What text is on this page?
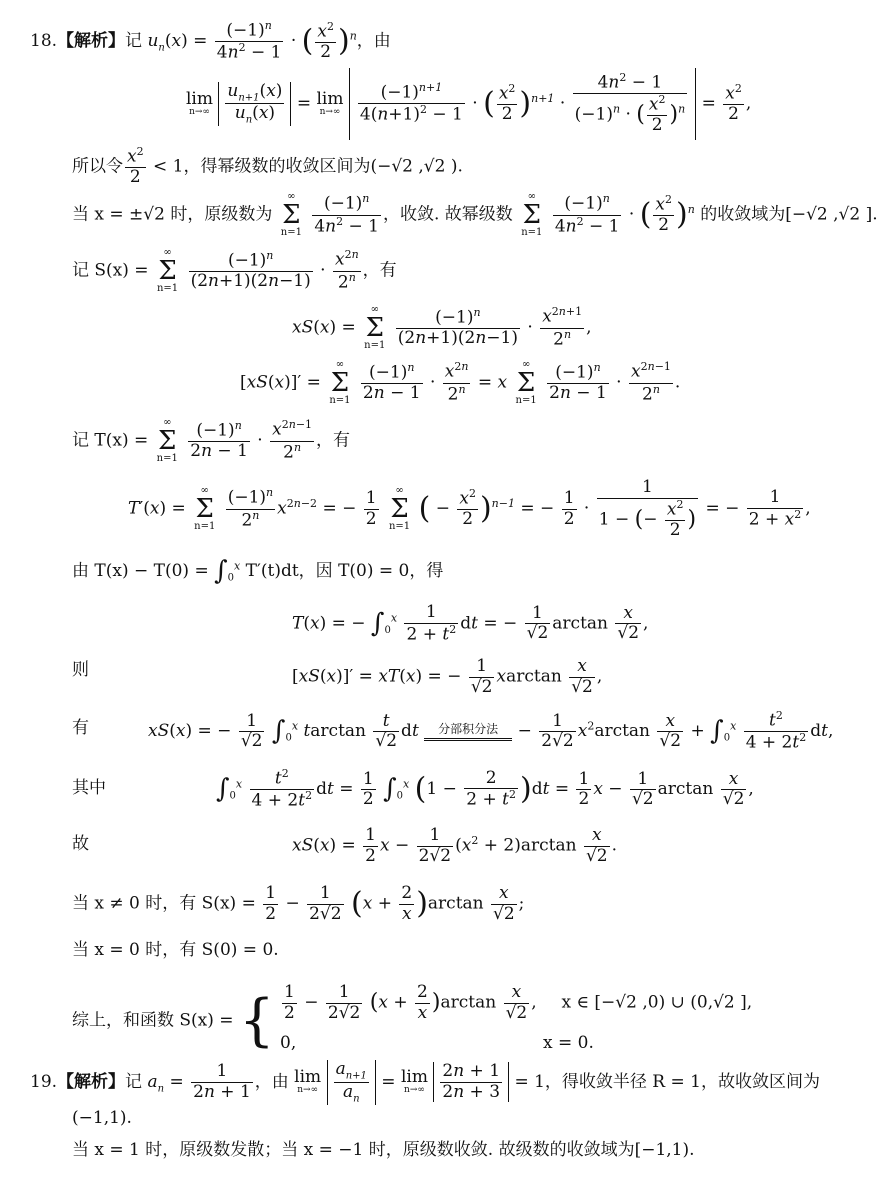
18.【解析】记 $u_n(x) = \frac{(-1)^n}{4n^2 - 1}$ · ( $\frac{x^2}{2} )^n$，由
lim
n→∞
$\frac{u_{n+1}(x)}{u_n(x)} = \lim$
n→∞
$\frac{(-1)^{n+1}}{4(n+1)^2 - 1}$ · ( $\frac{x^2}{2} )^{n+1} \cdot \frac{4n^2 - 1}{(-1)^n \cdot ( \frac{x^2}{2} )^n} = \frac{x^2}{2}$ ,
所以令 $\frac{x^2}{2} < 1$，得幂级数的收敛区间为(−√2 ,√2 ).
当 x = ±√2 时，原级数为
∞
Σ
n=1
$\frac{(-1)^n}{4n^2 - 1}$ ，收敛. 故幂级数
∞
Σ
n=1
$\frac{(-1)^n}{4n^2 - 1}$ · ( $\frac{x^2}{2} )^n$ 的收敛域为[−√2 ,√2 ].
记 S(x) =
∞
Σ
n=1
$\frac{(-1)^n}{(2n+1)(2n-1)} \cdot \frac{x^{2n}}{2^n}$ ，有
xS(x) =
∞
Σ
n=1
$\frac{(-1)^n}{(2n+1)(2n-1)} \cdot \frac{x^{2n+1}}{2^n}$ ,
[xS(x)]′ =
∞
Σ
n=1
$\frac{(-1)^n}{2n - 1} \cdot \frac{x^{2n}}{2^n} = x$
∞
Σ
n=1
$\frac{(-1)^n}{2n - 1} \cdot \frac{x^{2n-1}}{2^n}$ .
记 T(x) =
∞
Σ
n=1
$\frac{(-1)^n}{2n - 1} \cdot \frac{x^{2n-1}}{2^n}$ ，有
T′(x) =
∞
Σ
n=1
$\frac{(-1)^n}{2^n} x^{2n-2}$ = − $\frac{1}{2}$
	∞
Σ
n=1
( − $\frac{x^2}{2} )^{n-1}$ = − $\frac{1}{2} \cdot \frac{1}{1 - (- \frac{x^2}{2} )}$ = − $\frac{1}{2 + x^2}$ ,
由 $T(x) - T(0) = \int_0^x$ T′(t)dt，因 T(0) = 0，得
T(x) = − $\int_0^x \frac{1}{2 + t^2}$ dt = − $\frac{1}{√2}$ $\arctan \frac{x}{√2}$ ,
则	[xS(x)]′ = xT(x) = − $\frac{1}{√2}$ xarctan $\frac{x}{√2}$ ,
有	xS(x) = − $\frac{1}{√2} \int_0^x$ tarctan $\frac{t}{√2}$ dt 分部积分法
− $\frac{1}{2√2} x^2\arctan \frac{x}{√2} + \int_0^x \frac{t^2}{4 + 2t^2}$ dt,
其中	$\int_0^x \frac{t^2}{4 + 2t^2}$ dt = $\frac{1}{2} \int_0^x$ $(1 - \frac{2}{2 + t^2} )dt = \frac{1}{2}$ $x - \frac{1}{√2}$ $\arctan \frac{x}{√2}$ ,
故	$xS(x) = \frac{1}{2}$ $x - \frac{1}{2√2} (x^2 + 2)\arctan \frac{x}{√2}$ .
当 x ≠ 0 时，有 $S(x) = \frac{1}{2} - \frac{1}{2√2} (x + \frac{2}{x} )\arctan \frac{x}{√2}$ ;
当 x = 0 时，有 S(0) = 0.
综上，和函数 S(x) = { $\frac{1}{2} - \frac{1}{2√2} (x + \frac{2}{x} )\arctan \frac{x}{√2}$ ,  x ∈ [−√2 ,0) ∪ (0,√2 ],
0,	x = 0.
19.【解析】记 $a_n = \frac{1}{2n + 1}$ ，由 lim
n→∞
$\frac{a_{n+1}}{a_n} = \lim$
n→∞
$\frac{2n + 1}{2n + 3} = 1$，得收敛半径 R = 1，故收敛区间为
(−1,1).
当 x = 1 时，原级数发散；当 x = −1 时，原级数收敛. 故级数的收敛域为[−1,1).
